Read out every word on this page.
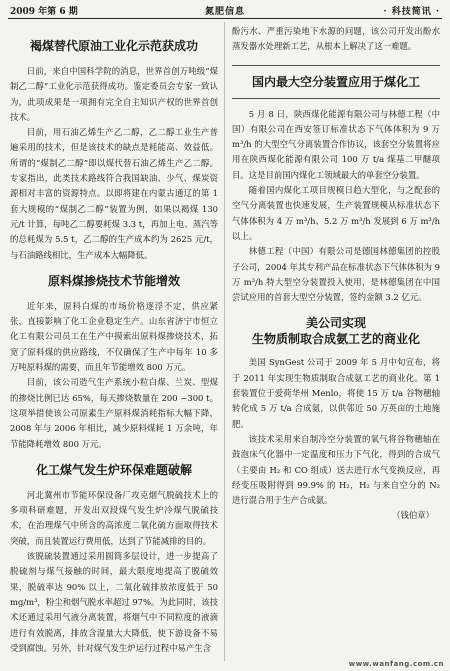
2009 年第 6 期	氮肥信息	· 科技简讯 ·
褐煤替代原油工业化示范获成功

日前，来自中国科学院的消息，世界首创万吨级“煤制乙二醇”工业化示范获得成功。鉴定委员会专家一致认为，此项成果是一项拥有完全自主知识产权的世界首创技术。

目前，用石油乙烯生产乙二醇，乙二醇工业生产普遍采用的技术，但是该技术的缺点是耗能高、效益低。所谓的“煤制乙二醇”即以煤代替石油乙烯生产乙二醇。专家指出，此类技术路线符合我国缺油、少气、煤炭资源相对丰富的资源特点。以即将建在内蒙古通辽的第 1 套大规模的“煤制乙二醇”装置为例，如果以褐煤 130 元/t 计算，每吨乙二醇要耗煤 3.3 t，再加上电、蒸汽等的总耗煤为 5.5 t，乙二醇的生产成本约为 2625 元/t，与石油路线相比，生产成本大幅降低。

原料煤掺烧技术节能增效

近年来，原料白煤的市场价格逐浮不定，供应紧张，直接影响了化工企业稳定生产。山东省济宁市恒立化工有限公司员工在生产中摸索出原料煤掺烧技术，拓宽了原料煤的供应路线，不仅确保了生产中每年 10 多万吨原料煤的需要，而且年节能增效 800 万元。

目前，该公司造气生产系统小粒白煤、兰炭、型煤的掺烧比例已达 65%，每天掺烧数量在 200 ~300 t。这项举措使该公司原素生产原料煤消耗指标大幅下降，2008 年与 2006 年相比，减少原料煤耗 1 万余吨，年节能降耗增效 800 万元。

化工煤气发生炉环保难题破解

河北冀州市节能环保设备厂攻克烟气脱硫技术上的多项科研难题，开发出双段煤气发生炉冷煤气脱硫技术，在治理煤气中所含的高浓度二氧化硫方面取得技术突破，而且装置运行费用低，达到了节能减排的目的。

该脱硫装置通过采用圆筒多层设计，进一步提高了脱硫剂与煤气接触的时间，最大限度地提高了脱硫效果，脱硫率达 90% 以上，二氧化硫排放浓度低于 50 mg/m³，粉尘和烟气脱水率超过 97%。为此同时，该技术还通过采用气液分离装置，将烟气中不同粒度的液滴进行有效脱离，排放含湿量大大降低，使下游设备不易受到腐蚀。另外，针对煤气发生炉运行过程中易产生含

酚污水、严重污染地下水源的问题，该公司开发出酚水蒸发器水处理新工艺，从根本上解决了这一难题。

国内最大空分装置应用于煤化工

5 月 8 日，陕西煤化能源有限公司与林德工程（中国）有限公司在西安签订标准状态下气体体积为 9 万 m³/h 的大型空气分离装置合作协议，该套空分装置将应用在陕西煤化能源有限公司 100 万 t/a 煤基二甲醚项目。这是目前国内煤化工领域最大的单套空分装置。

随着国内煤化工项目规模日趋大型化，与之配套的空气分离装置也快速发展，生产装置规模从标准状态下气体体积为 4 万 m³/h、5.2 万 m³/h 发展到 6 万 m³/h 以上。

林德工程（中国）有限公司是德国林德集团的控股子公司，2004 年其专利产品在标准状态下气体体积为 9 万 m³/h 特大型空分装置投入使用，是林德集团在中国尝试应用的首套大型空分装置，签约金额 3.2 亿元。

美公司实现
生物质制取合成氨工艺的商业化

美国 SynGest 公司于 2009 年 5 月中旬宣布，将于 2011 年实现生物质制取合成氨工艺的商业化。第 1 套装置位于爱荷华州 Menlo，将使 15 万 t/a 谷物穗轴转化成 5 万 t/a 合成氨，以供邻近 50 万英亩的土地施肥。

该技术采用来自制冷空分装置的氧气将谷物穗轴在鼓泡床气化器中一定温度和压力下气化，得到的合成气（主要由 H₂ 和 CO 组成）送去进行水气变换反应，再经变压吸附得到 99.9% 的 H₂，H₂ 与来自空分的 N₂ 进行混合用于生产合成氨。

（钱伯章）

www.wanfang.com.cn
